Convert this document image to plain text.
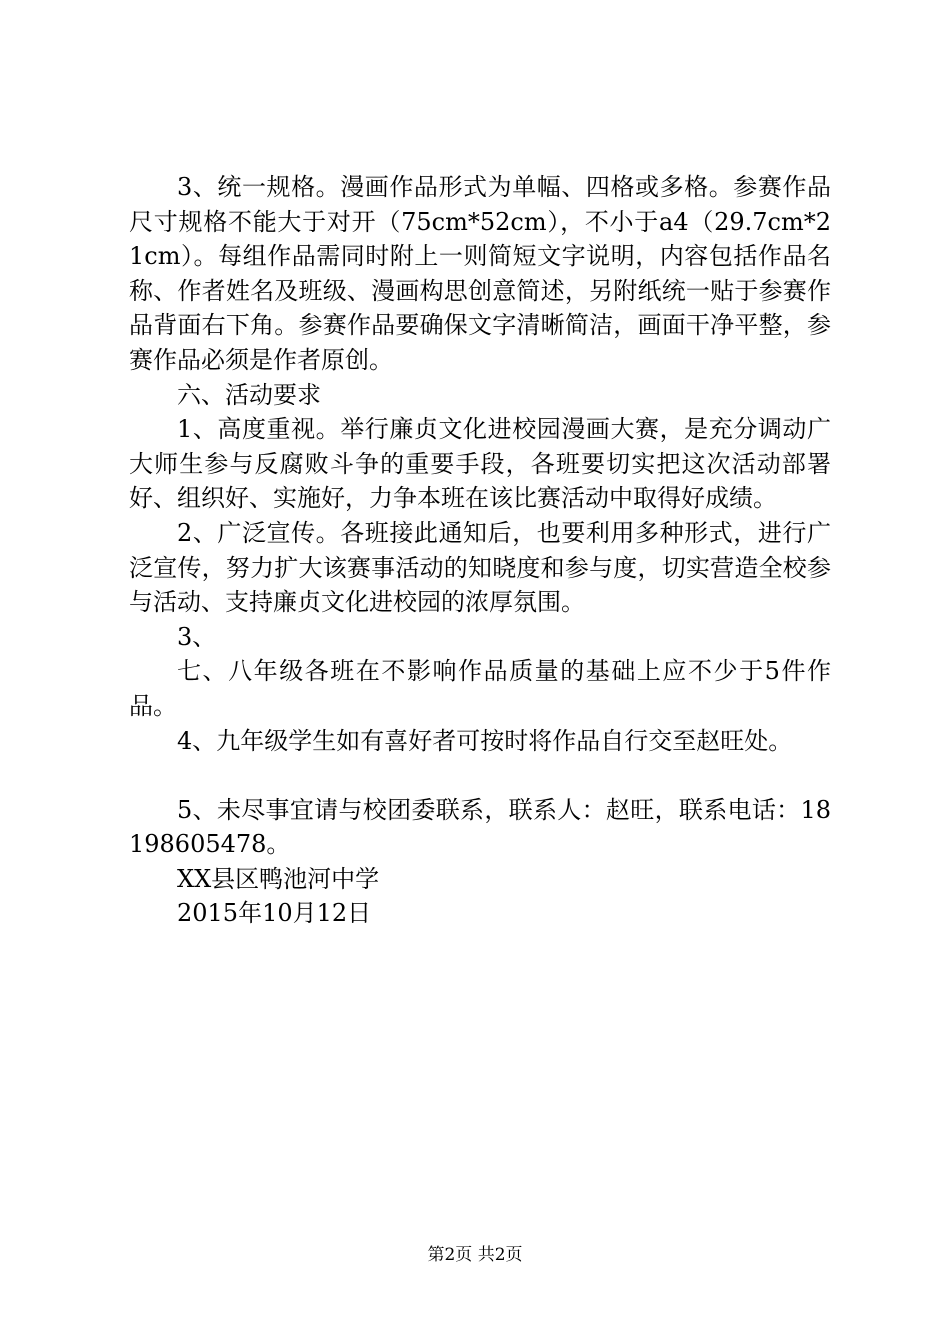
3、统一规格。漫画作品形式为单幅、四格或多格。参赛作品尺寸规格不能大于对开（75cm*52cm），不小于a4（29.7cm*21cm）。每组作品需同时附上一则简短文字说明，内容包括作品名称、作者姓名及班级、漫画构思创意简述，另附纸统一贴于参赛作品背面右下角。参赛作品要确保文字清晰简洁，画面干净平整，参赛作品必须是作者原创。

六、活动要求

1、高度重视。举行廉贞文化进校园漫画大赛，是充分调动广大师生参与反腐败斗争的重要手段，各班要切实把这次活动部署好、组织好、实施好，力争本班在该比赛活动中取得好成绩。

2、广泛宣传。各班接此通知后，也要利用多种形式，进行广泛宣传，努力扩大该赛事活动的知晓度和参与度，切实营造全校参与活动、支持廉贞文化进校园的浓厚氛围。

3、

七、八年级各班在不影响作品质量的基础上应不少于5件作品。

4、九年级学生如有喜好者可按时将作品自行交至赵旺处。

5、未尽事宜请与校团委联系，联系人：赵旺，联系电话：18198605478。

XX县区鸭池河中学

2015年10月12日

第2页 共2页
